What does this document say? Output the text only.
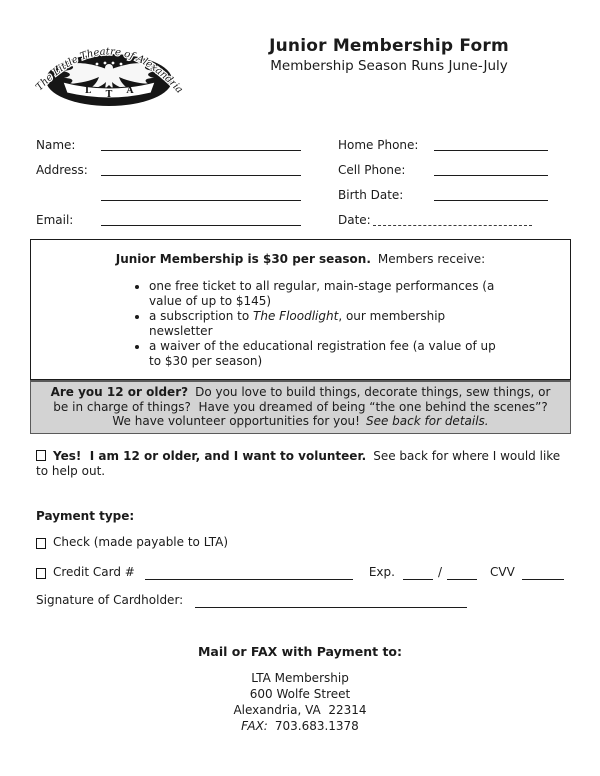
The Little Theatre of Alexandria
L T A
Junior Membership Form
Membership Season Runs June-July
Name:
Address:
Email:
Home Phone:
Cell Phone:
Birth Date:
Date:
Junior Membership is $30 per season. Members receive:
• one free ticket to all regular, main-stage performances (a value of up to $145)
• a subscription to The Floodlight, our membership newsletter
• a waiver of the educational registration fee (a value of up to $30 per season)
Are you 12 or older? Do you love to build things, decorate things, sew things, or be in charge of things?  Have you dreamed of being “the one behind the scenes”?  We have volunteer opportunities for you! See back for details.
Yes!  I am 12 or older, and I want to volunteer. See back for where I would like to help out.
Payment type:
Check (made payable to LTA)
Credit Card #	Exp.	/	CVV
Signature of Cardholder:
Mail or FAX with Payment to:
LTA Membership
600 Wolfe Street
Alexandria, VA  22314
FAX: 703.683.1378
